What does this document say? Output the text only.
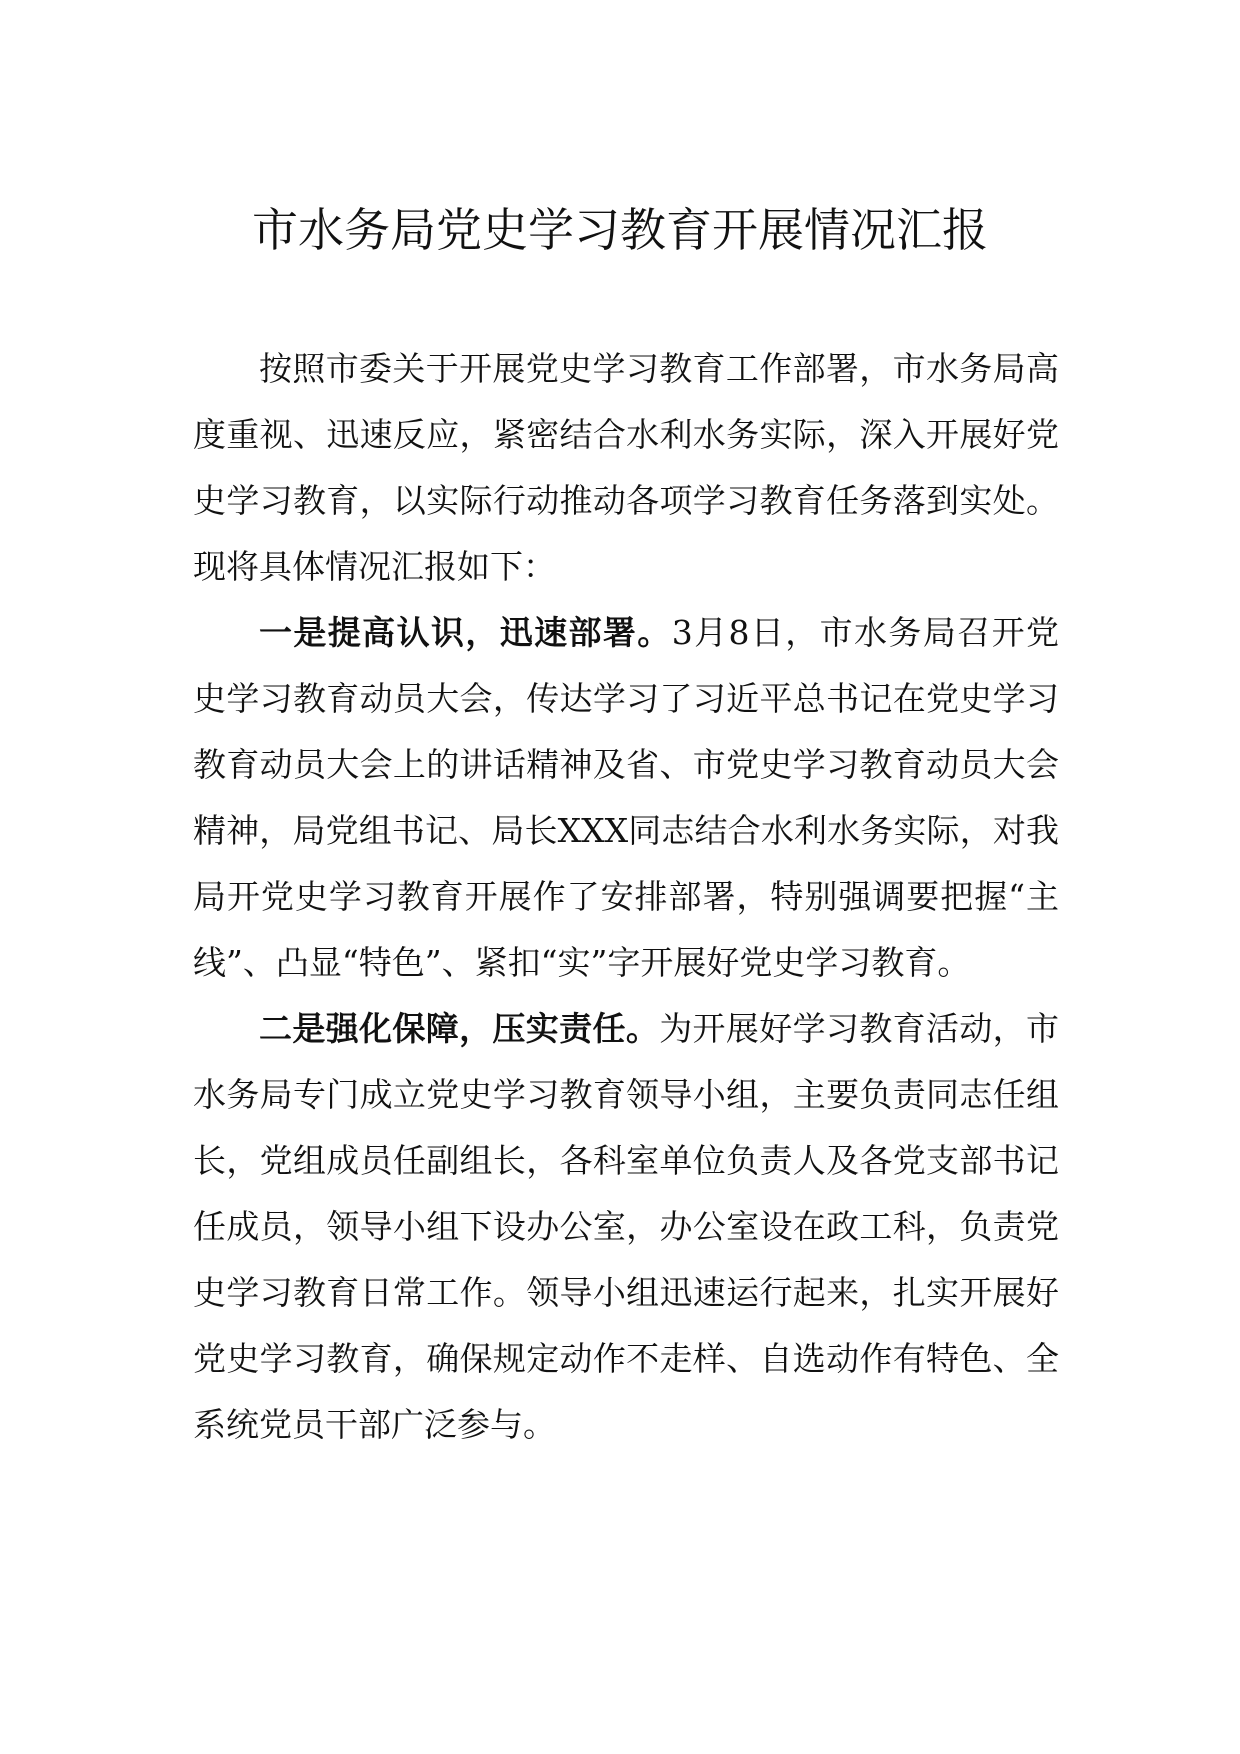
市水务局党史学习教育开展情况汇报

按照市委关于开展党史学习教育工作部署，市水务局高度重视、迅速反应，紧密结合水利水务实际，深入开展好党史学习教育，以实际行动推动各项学习教育任务落到实处。现将具体情况汇报如下：

一是提高认识，迅速部署。3月8日，市水务局召开党史学习教育动员大会，传达学习了习近平总书记在党史学习教育动员大会上的讲话精神及省、市党史学习教育动员大会精神，局党组书记、局长XXX同志结合水利水务实际，对我局开党史学习教育开展作了安排部署，特别强调要把握“主线”、凸显“特色”、紧扣“实”字开展好党史学习教育。

二是强化保障，压实责任。为开展好学习教育活动，市水务局专门成立党史学习教育领导小组，主要负责同志任组长，党组成员任副组长，各科室单位负责人及各党支部书记任成员，领导小组下设办公室，办公室设在政工科，负责党史学习教育日常工作。领导小组迅速运行起来，扎实开展好党史学习教育，确保规定动作不走样、自选动作有特色、全系统党员干部广泛参与。
